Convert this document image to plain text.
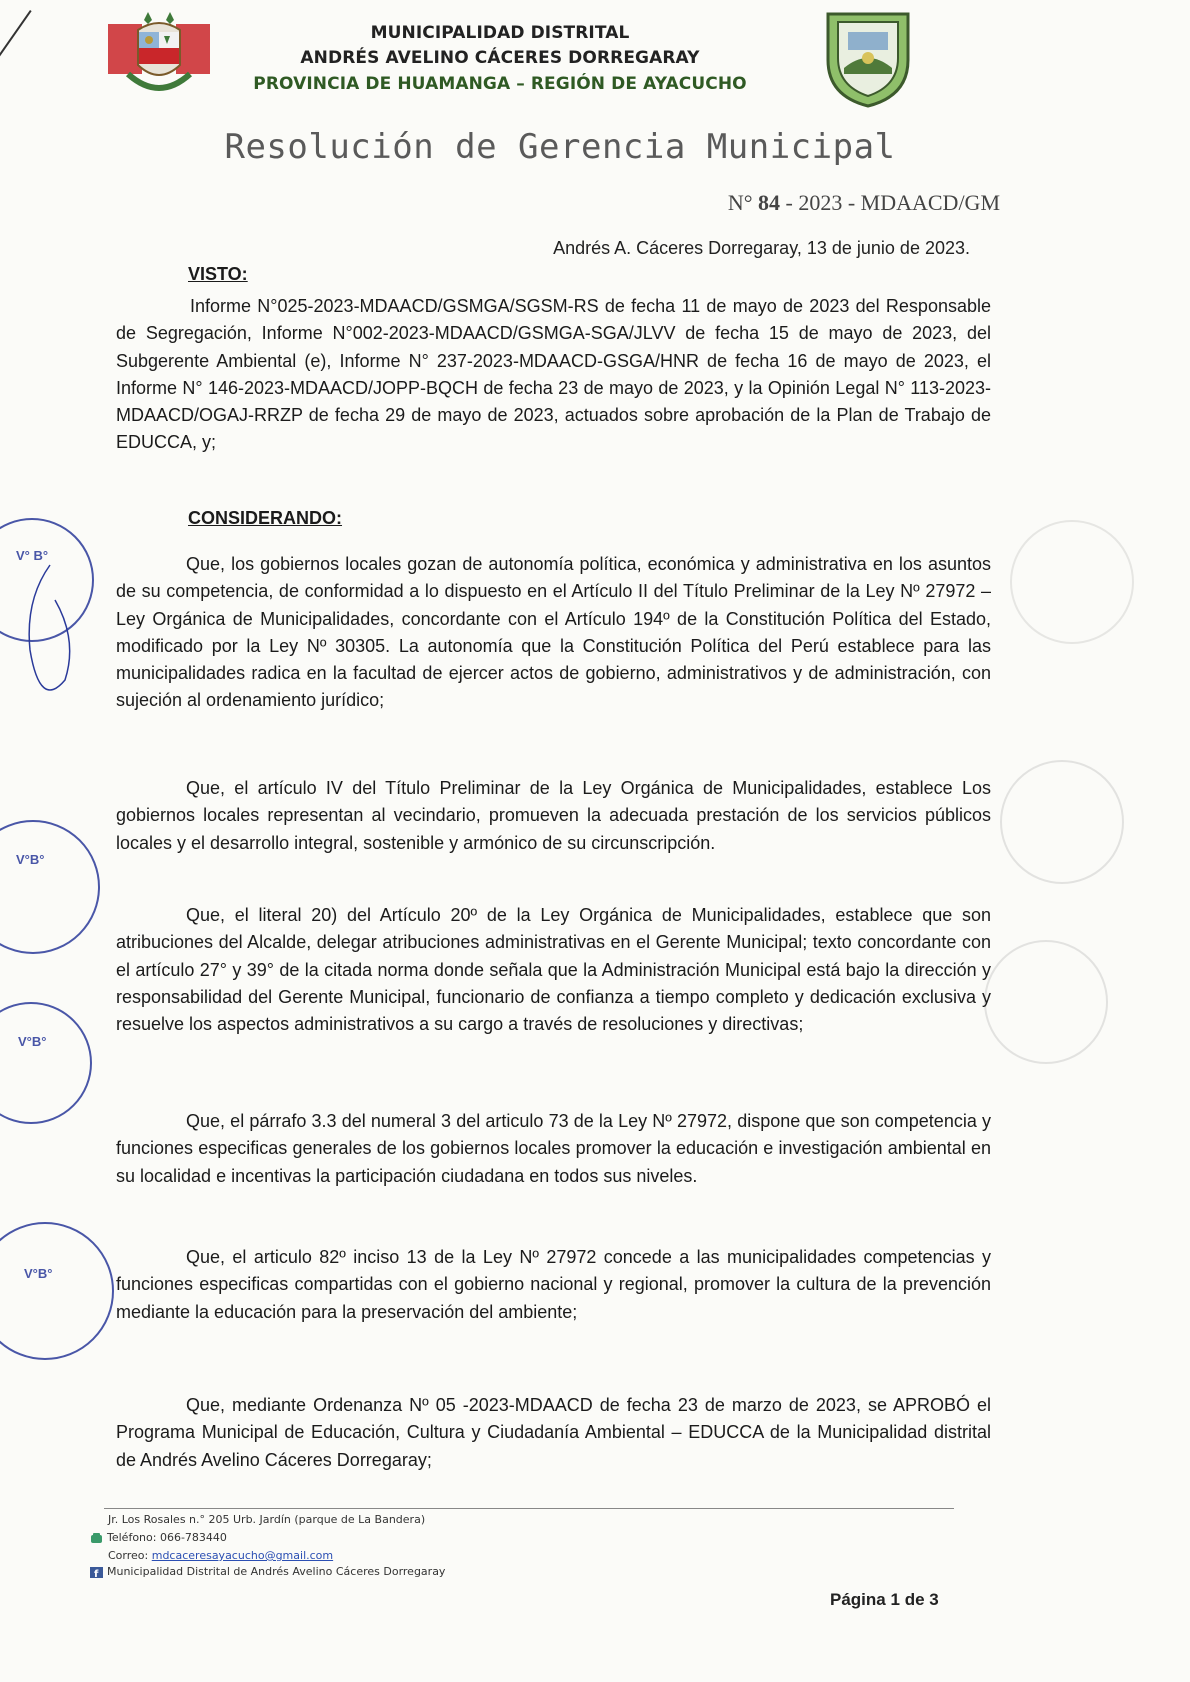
MUNICIPALIDAD DISTRITAL
ANDRÉS AVELINO CÁCERES DORREGARAY
PROVINCIA DE HUAMANGA – REGIÓN DE AYACUCHO
Resolución de Gerencia Municipal
N° 84 - 2023 - MDAACD/GM
Andrés A. Cáceres Dorregaray, 13 de junio de 2023.
VISTO:
Informe N°025-2023-MDAACD/GSMGA/SGSM-RS de fecha 11 de mayo de 2023 del Responsable de Segregación, Informe N°002-2023-MDAACD/GSMGA-SGA/JLVV de fecha 15 de mayo de 2023, del Subgerente Ambiental (e), Informe N° 237-2023-MDAACD-GSGA/HNR de fecha 16 de mayo de 2023, el Informe N° 146-2023-MDAACD/JOPP-BQCH de fecha 23 de mayo de 2023, y la Opinión Legal N° 113-2023-MDAACD/OGAJ-RRZP de fecha 29 de mayo de 2023, actuados sobre aprobación de la Plan de Trabajo de EDUCCA, y;
CONSIDERANDO:
Que, los gobiernos locales gozan de autonomía política, económica y administrativa en los asuntos de su competencia, de conformidad a lo dispuesto en el Artículo II del Título Preliminar de la Ley Nº 27972 – Ley Orgánica de Municipalidades, concordante con el Artículo 194º de la Constitución Política del Estado, modificado por la Ley Nº 30305. La autonomía que la Constitución Política del Perú establece para las municipalidades radica en la facultad de ejercer actos de gobierno, administrativos y de administración, con sujeción al ordenamiento jurídico;
Que, el artículo IV del Título Preliminar de la Ley Orgánica de Municipalidades, establece Los gobiernos locales representan al vecindario, promueven la adecuada prestación de los servicios públicos locales y el desarrollo integral, sostenible y armónico de su circunscripción.
Que, el literal 20) del Artículo 20º de la Ley Orgánica de Municipalidades, establece que son atribuciones del Alcalde, delegar atribuciones administrativas en el Gerente Municipal; texto concordante con el artículo 27° y 39° de la citada norma donde señala que la Administración Municipal está bajo la dirección y responsabilidad del Gerente Municipal, funcionario de confianza a tiempo completo y dedicación exclusiva y resuelve los aspectos administrativos a su cargo a través de resoluciones y directivas;
Que, el párrafo 3.3 del numeral 3 del articulo 73 de la Ley Nº 27972, dispone que son competencia y funciones especificas generales de los gobiernos locales promover la educación e investigación ambiental en su localidad e incentivas la participación ciudadana en todos sus niveles.
Que, el articulo 82º inciso 13 de la Ley Nº 27972 concede a las municipalidades competencias y funciones especificas compartidas con el gobierno nacional y regional, promover la cultura de la prevención mediante la educación para la preservación del ambiente;
Que, mediante Ordenanza Nº 05 -2023-MDAACD de fecha 23 de marzo de 2023, se APROBÓ el Programa Municipal de Educación, Cultura y Ciudadanía Ambiental – EDUCCA de la Municipalidad distrital de Andrés Avelino Cáceres Dorregaray;
V° B°
V°B°
V°B°
V°B°
Jr. Los Rosales n.° 205 Urb. Jardín (parque de La Bandera)
Teléfono: 066-783440
Correo: mdcaceresayacucho@gmail.com
f Municipalidad Distrital de Andrés Avelino Cáceres Dorregaray
Página 1 de 3
